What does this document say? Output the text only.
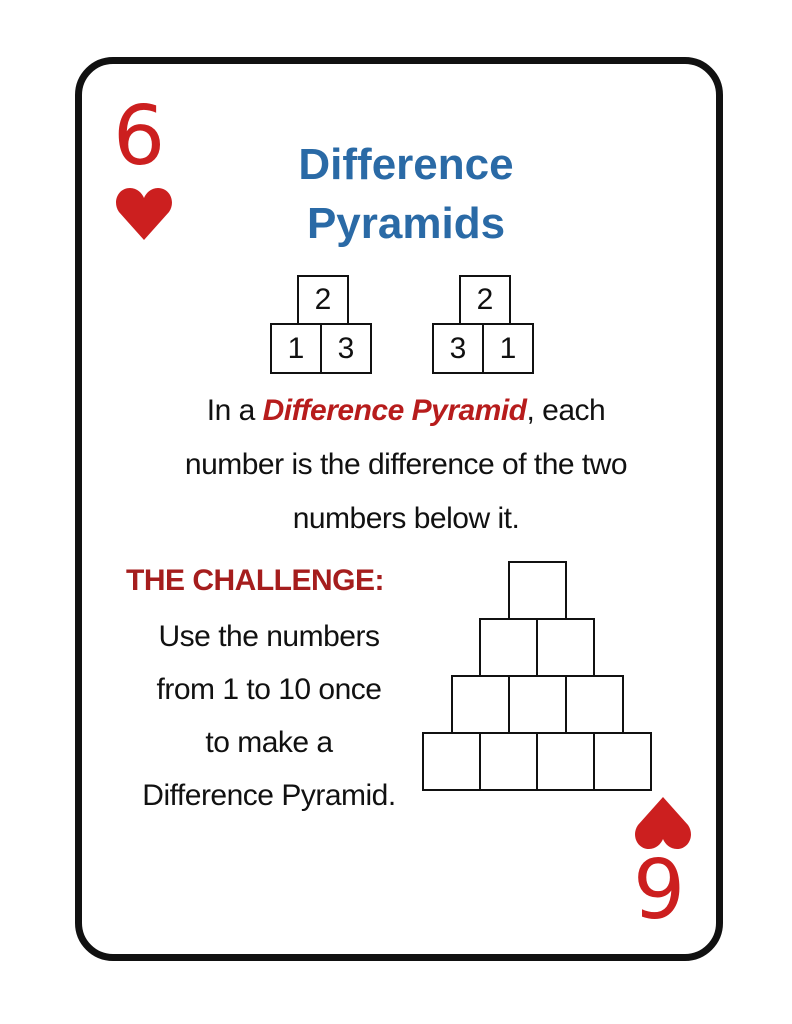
6
9
Difference
Pyramids
2
1	3
2
3	1
In a Difference Pyramid, each
number is the difference of the two
numbers below it.
THE CHALLENGE:
Use the numbers
from 1 to 10 once
to make a
Difference Pyramid.
